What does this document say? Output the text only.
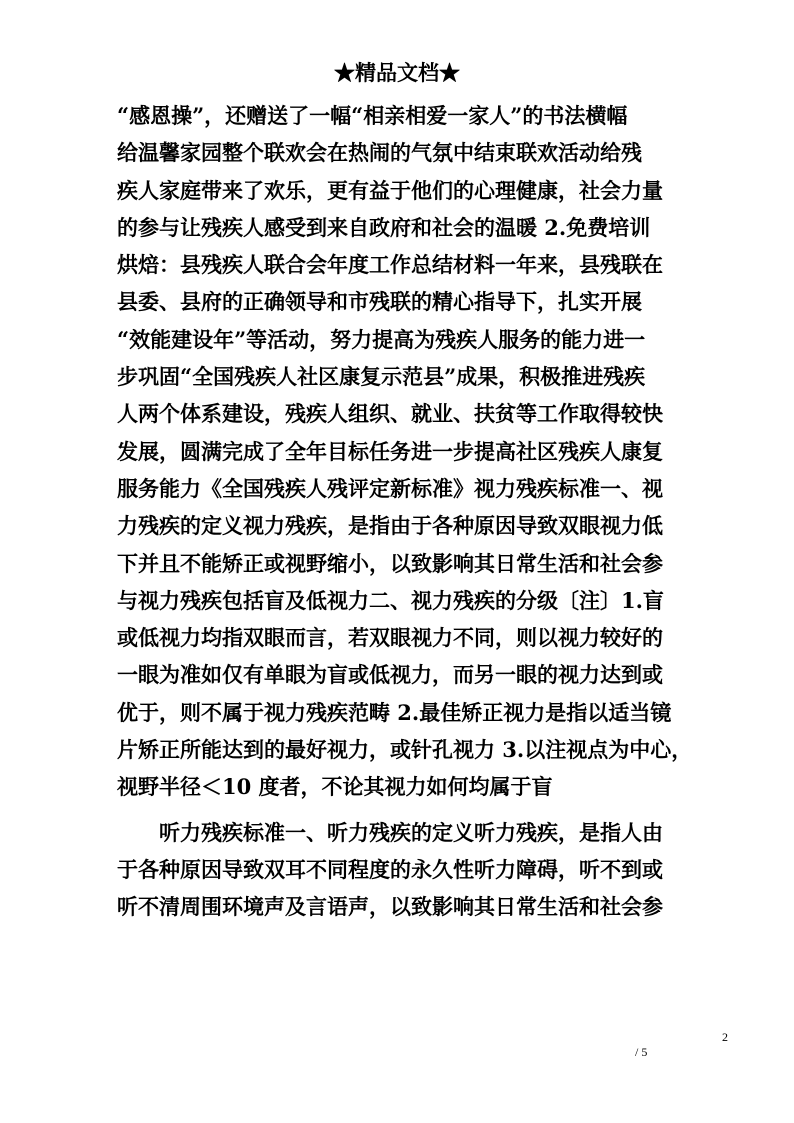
★精品文档★
“感恩操”，还赠送了一幅“相亲相爱一家人”的书法横幅
给温馨家园整个联欢会在热闹的气氛中结束联欢活动给残
疾人家庭带来了欢乐，更有益于他们的心理健康，社会力量
的参与让残疾人感受到来自政府和社会的温暖 2.免费培训
烘焙：县残疾人联合会年度工作总结材料一年来，县残联在
县委、县府的正确领导和市残联的精心指导下，扎实开展
“效能建设年”等活动，努力提高为残疾人服务的能力进一
步巩固“全国残疾人社区康复示范县”成果，积极推进残疾
人两个体系建设，残疾人组织、就业、扶贫等工作取得较快
发展，圆满完成了全年目标任务进一步提高社区残疾人康复
服务能力《全国残疾人残评定新标准》视力残疾标准一、视
力残疾的定义视力残疾，是指由于各种原因导致双眼视力低
下并且不能矫正或视野缩小，以致影响其日常生活和社会参
与视力残疾包括盲及低视力二、视力残疾的分级〔注〕1.盲
或低视力均指双眼而言，若双眼视力不同，则以视力较好的
一眼为准如仅有单眼为盲或低视力，而另一眼的视力达到或
优于，则不属于视力残疾范畴 2.最佳矫正视力是指以适当镜
片矫正所能达到的最好视力，或针孔视力 3.以注视点为中心，
视野半径＜10 度者，不论其视力如何均属于盲
听力残疾标准一、听力残疾的定义听力残疾，是指人由
于各种原因导致双耳不同程度的永久性听力障碍，听不到或
听不清周围环境声及言语声，以致影响其日常生活和社会参
2
/ 5
